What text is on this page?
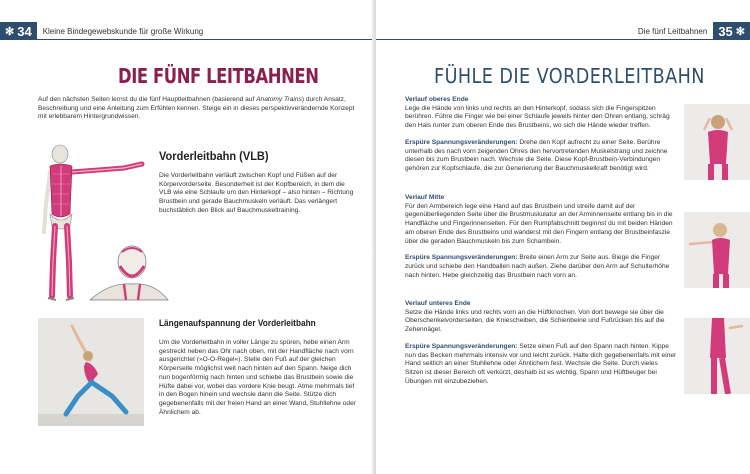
✻ 34	Kleine Bindegewebskunde für große Wirkung
DIE FÜNF LEITBAHNEN
Auf den nächsten Seiten lernst du die fünf Hauptleitbahnen (basierend auf Anatomy Trains) durch Ansatz, Beschreibung und eine Anleitung zum Erfühlen kennen. Steige ein in dieses perspektivverändernde Konzept mit erlebbarem Hintergrundwissen.
Vorderleitbahn (VLB)
Die Vorderleitbahn verläuft zwischen Kopf und Füßen auf der Körpervorderseite. Besonderheit ist der Kopfbereich, in dem die VLB wie eine Schlaufe um den Hinterkopf – also hinten – Richtung Brustbein und gerade Bauchmuskeln verläuft. Das verlängert buchstäblich den Blick auf Bauchmuskeltraining.
Längenaufspannung der Vorderleitbahn
Um die Vorderleitbahn in voller Länge zu spüren, hebe einen Arm gestreckt neben das Ohr nach oben, mit der Handfläche nach vorn ausgerichtet (»O-O-Regel«). Stelle den Fuß auf der gleichen Körperseite möglichst weit nach hinten auf den Spann. Neige dich nun bogenförmig nach hinten und schiebe das Brustbein sowie die Hüfte dabei vor, wobei das vordere Knie beugt. Atme mehrmals tief in den Bogen hinein und wechsle dann die Seite. Stütze dich gegebenenfalls mit der freien Hand an einer Wand, Stuhllehne oder Ähnlichem ab.
Die fünf Leitbahnen 35 ✻
FÜHLE DIE VORDERLEITBAHN
Verlauf oberes Ende

Lege die Hände von links und rechts an den Hinterkopf, sodass sich die Fingerspitzen berühren. Führe die Finger wie bei einer Schlaufe jeweils hinter den Ohren entlang, schräg den Hals runter zum oberen Ende des Brustbeins, wo sich die Hände wieder treffen.

Erspüre Spannungsveränderungen: Drehe den Kopf aufrecht zu einer Seite. Berühre unterhalb des nach vorn zeigenden Ohres den hervortretenden Muskelstrang und zeichne diesen bis zum Brustbein nach. Wechsle die Seite. Diese Kopf-Brustbein-Verbindungen gehören zur Kopfschlaufe, die zur Generierung der Bauchmuskelkraft benötigt wird.

Verlauf Mitte

Für den Armbereich lege eine Hand auf das Brustbein und streife damit auf der gegenüberliegenden Seite über die Brustmuskulatur an der Arminnenseite entlang bis in die Handfläche und Fingerinnenseiten. Für den Rumpfabschnitt beginnst du mit beiden Händen am oberen Ende des Brustbeins und wanderst mit den Fingern entlang der Brustbeinfaszie über die geraden Bauchmuskeln bis zum Schambein.

Erspüre Spannungsveränderungen: Breite einen Arm zur Seite aus. Biege die Finger zurück und schiebe den Handballen nach außen. Ziehe darüber den Arm auf Schulterhöhe nach hinten. Hebe gleichzeitig das Brustbein nach vorn an.

Verlauf unteres Ende

Setze die Hände links und rechts vorn an die Hüftknochen. Von dort bewege sie über die Oberschenkelvorderseiten, die Kniescheiben, die Schienbeine und Fußrücken bis auf die Zehennägel.

Erspüre Spannungsveränderungen: Setze einen Fuß auf den Spann nach hinten. Kippe nun das Becken mehrmals intensiv vor und leicht zurück. Halte dich gegebenenfalls mit einer Hand seitlich an einer Stuhllehne oder Ähnlichem fest. Wechsle die Seite. Durch vieles Sitzen ist dieser Bereich oft verkürzt, deshalb ist es wichtig, Spann und Hüftbeuger bei Übungen mit einzubeziehen.
